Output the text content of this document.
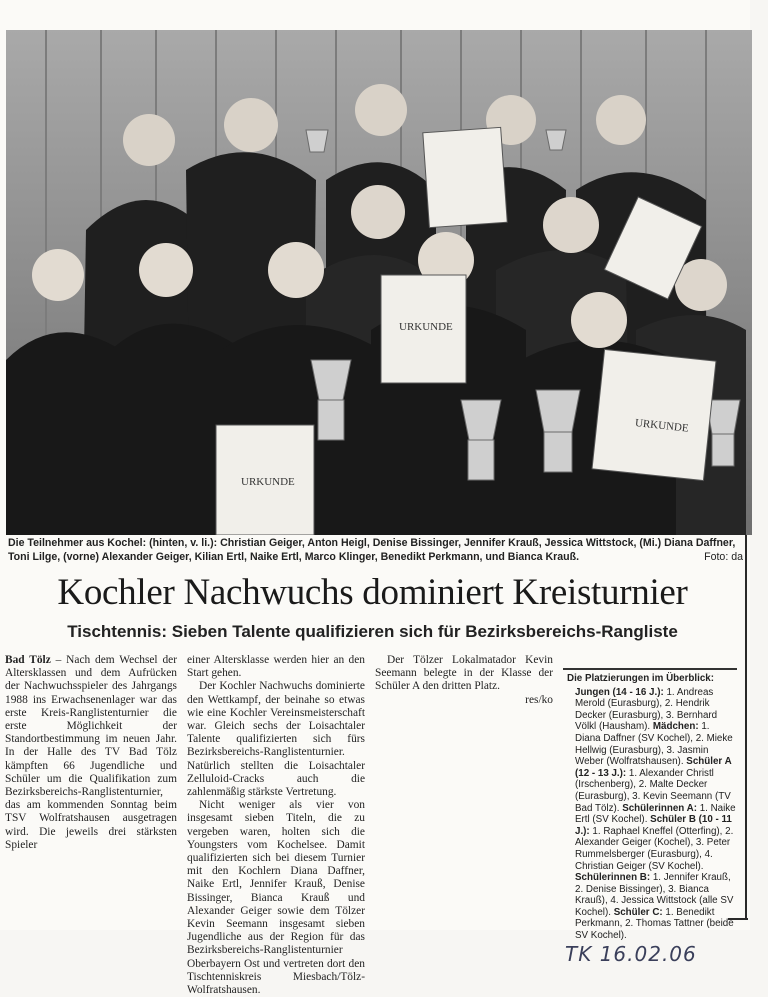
URKUNDE
URKUNDE
URKUNDE
Die Teilnehmer aus Kochel: (hinten, v. li.): Christian Geiger, Anton Heigl, Denise Bissinger, Jennifer Krauß, Jessica Wittstock, (Mi.) Diana Daffner, Toni Lilge, (vorne) Alexander Geiger, Kilian Ertl, Naike Ertl, Marco Klinger, Benedikt Perkmann, und Bianca Krauß.	Foto: da
Kochler Nachwuchs dominiert Kreisturnier
Tischtennis: Sieben Talente qualifizieren sich für Bezirksbereichs-Rangliste

Bad Tölz – Nach dem Wechsel der Altersklassen und dem Aufrücken der Nachwuchsspieler des Jahrgangs 1988 ins Erwachsenenlager war das erste Kreis-Ranglistenturnier die erste Möglichkeit der Standortbestimmung im neuen Jahr. In der Halle des TV Bad Tölz kämpften 66 Jugendliche und Schüler um die Qualifikation zum Bezirksbereichs-Ranglistenturnier, das am kommenden Sonntag beim TSV Wolfratshausen ausgetragen wird. Die jeweils drei stärksten Spieler

einer Altersklasse werden hier an den Start gehen.

Der Kochler Nachwuchs dominierte den Wettkampf, der beinahe so etwas wie eine Kochler Vereinsmeisterschaft war. Gleich sechs der Loisachtaler Talente qualifizierten sich fürs Bezirksbereichs-Ranglistenturnier. Natürlich stellten die Loisachtaler Zelluloid-Cracks auch die zahlenmäßig stärkste Vertretung.

Nicht weniger als vier von insgesamt sieben Titeln, die zu vergeben waren, holten sich die Youngsters vom Kochelsee. Damit qualifizierten sich bei diesem Turnier mit den Kochlern Diana Daffner, Naike Ertl, Jennifer Krauß, Denise Bissinger, Bianca Krauß und Alexander Geiger sowie dem Tölzer Kevin Seemann insgesamt sieben Jugendliche aus der Region für das Bezirksbereichs-Ranglistenturnier Oberbayern Ost und vertreten dort den Tischtenniskreis Miesbach/Tölz-Wolfratshausen.

Der Tölzer Lokalmatador Kevin Seemann belegte in der Klasse der Schüler A den dritten Platz.

res/ko

Die Platzierungen im Überblick:

Jungen (14 - 16 J.): 1. Andreas Merold (Eurasburg), 2. Hendrik Decker (Eurasburg), 3. Bernhard Völkl (Hausham). Mädchen: 1. Diana Daffner (SV Kochel), 2. Mieke Hellwig (Eurasburg), 3. Jasmin Weber (Wolfratshausen). Schüler A (12 - 13 J.): 1. Alexander Christl (Irschenberg), 2. Malte Decker (Eurasburg), 3. Kevin Seemann (TV Bad Tölz). Schülerinnen A: 1. Naike Ertl (SV Kochel). Schüler B (10 - 11 J.): 1. Raphael Kneffel (Otterfing), 2. Alexander Geiger (Kochel), 3. Peter Rummelsberger (Eurasburg), 4. Christian Geiger (SV Kochel). Schülerinnen B: 1. Jennifer Krauß, 2. Denise Bissinger), 3. Bianca Krauß), 4. Jessica Wittstock (alle SV Kochel). Schüler C: 1. Benedikt Perkmann, 2. Thomas Tattner (beide SV Kochel).

TK 16.02.06
